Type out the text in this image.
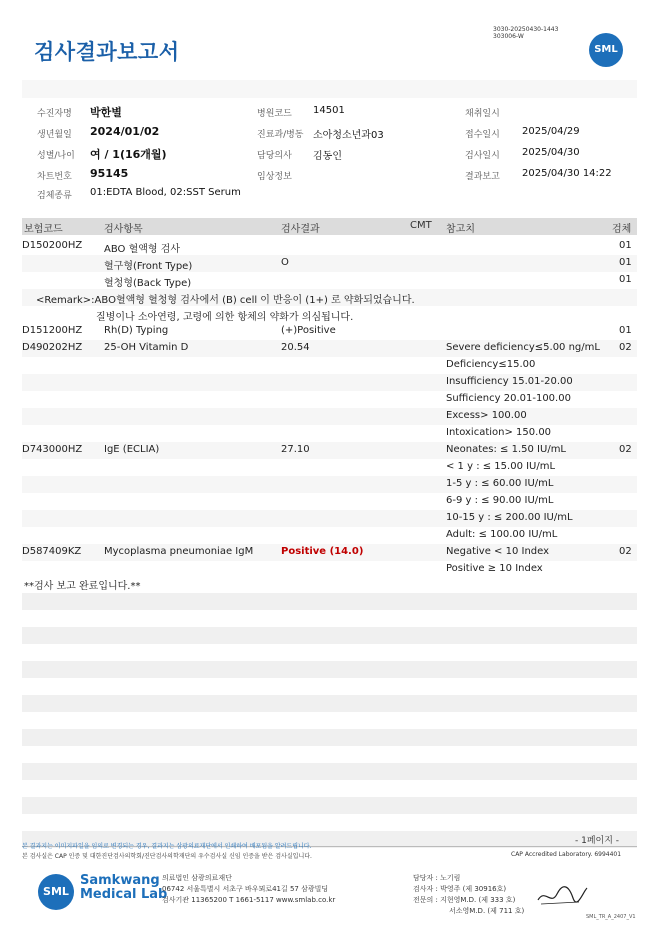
검사결과보고서
3030-20250430-1443
303006-W
SML
수진자명 박한별	병원코드 14501	채취일시
생년월일 2024/01/02	진료과/병동 소아청소년과03	접수일시 2025/04/29
성별/나이 여 / 1(16개월)	담당의사 김동인	검사일시 2025/04/30
차트번호 95145	임상정보	결과보고 2025/04/30 14:22
검체종류 01:EDTA Blood, 02:SST Serum
보험코드	검사항목	검사결과	CMT 참고치	검체
D150200HZ ABO 혈액형 검사	01
혈구형(Front Type)	O	01
혈청형(Back Type)	01
D151200HZ Rh(D) Typing	(+)Positive	01
D490202HZ 25-OH Vitamin D	20.54	Severe deficiency≤5.00 ng/mL 02
Deficiency≤15.00
Insufficiency 15.01-20.00
Sufficiency 20.01-100.00
Excess> 100.00
Intoxication> 150.00
D743000HZ IgE (ECLIA)	27.10	Neonates: ≤ 1.50 IU/mL	02
< 1 y : ≤ 15.00 IU/mL
1-5 y : ≤ 60.00 IU/mL
6-9 y : ≤ 90.00 IU/mL
10-15 y : ≤ 200.00 IU/mL
Adult: ≤ 100.00 IU/mL
D587409KZ Mycoplasma pneumoniae IgM	Positive (14.0)	Negative < 10 Index	02
Positive ≥ 10 Index
<Remark>:ABO혈액형 혈청형 검사에서 (B) cell 이 반응이 (1+) 로 약화되었습니다.
질병이나 소아연령, 고령에 의한 항체의 약화가 의심됩니다.
**검사 보고 완료입니다.**
- 1페이지 -
본 결과지는 이미지파일을 임의로 변경되는 경우, 결과지는 삼광의료재단에서 인쇄하여 배포됨을 알려드립니다.
본 검사실은 CAP 인증 및 대한진단검사의학회/진단검사의학재단의 우수검사실 신임 인증을 받은 검사실입니다.	CAP Accredited Laboratory. 6994401
SML
Samkwang
Medical Lab
의료법인 삼광의료재단
06742 서울특별시 서초구 바우뫼로41길 57 삼광빌딩
검사기관 11365200 T 1661-5117 www.smlab.co.kr
담당자 : 노기림
검사자 : 박영주 (제 30916호)
전문의 : 지현영M.D. (제 333 호)
서소영M.D. (제 711 호)
SML_TR_A_2407_V1
